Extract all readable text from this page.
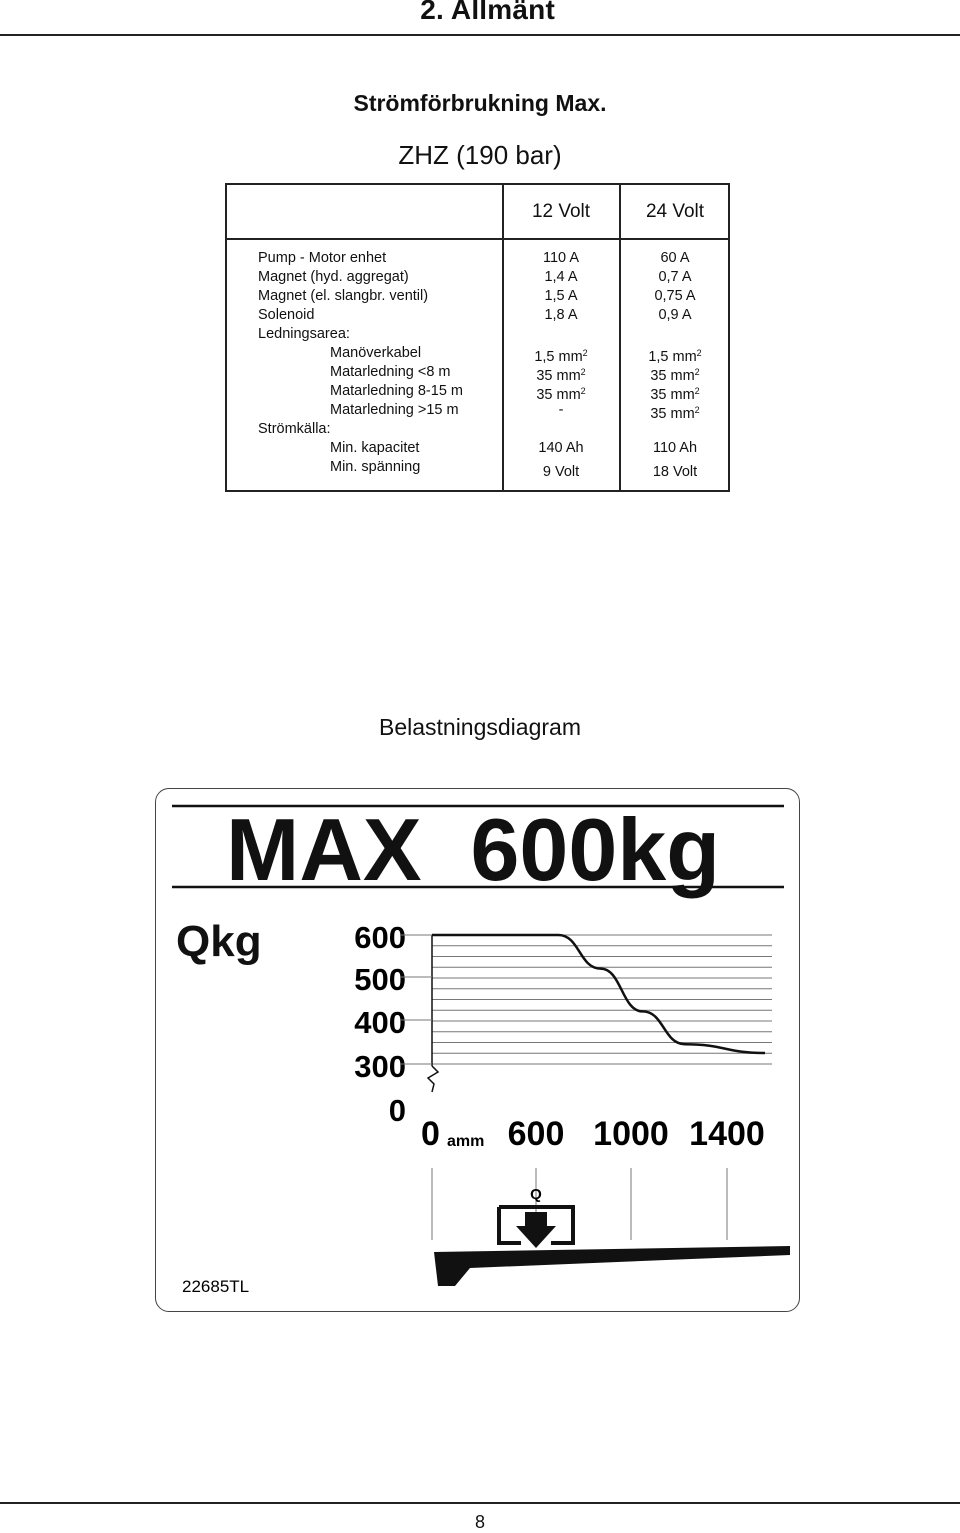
2. Allmänt
Strömförbrukning Max.
ZHZ (190 bar)
12 Volt	24 Volt
Pump - Motor enhet	110 A	60 A
Magnet (hyd. aggregat)	1,4 A	0,7 A
Magnet (el. slangbr. ventil)	1,5 A	0,75 A
Solenoid	1,8 A	0,9 A
Ledningsarea:
Manöverkabel	1,5 $mm^2$	1,5 $mm^2$
Matarledning <8 m	35 $mm^2$	35 $mm^2$
Matarledning 8-15 m	35 $mm^2$	35 $mm^2$
Matarledning >15 m	-	35 $mm^2$
Strömkälla:
Min. kapacitet	140 Ah	110 Ah
Min. spänning	9 Volt	18 Volt
Belastningsdiagram
MAX  600kg
Qkg	600
500
400
300
0
0 amm 600 1000 1400
Q
22685TL
8
